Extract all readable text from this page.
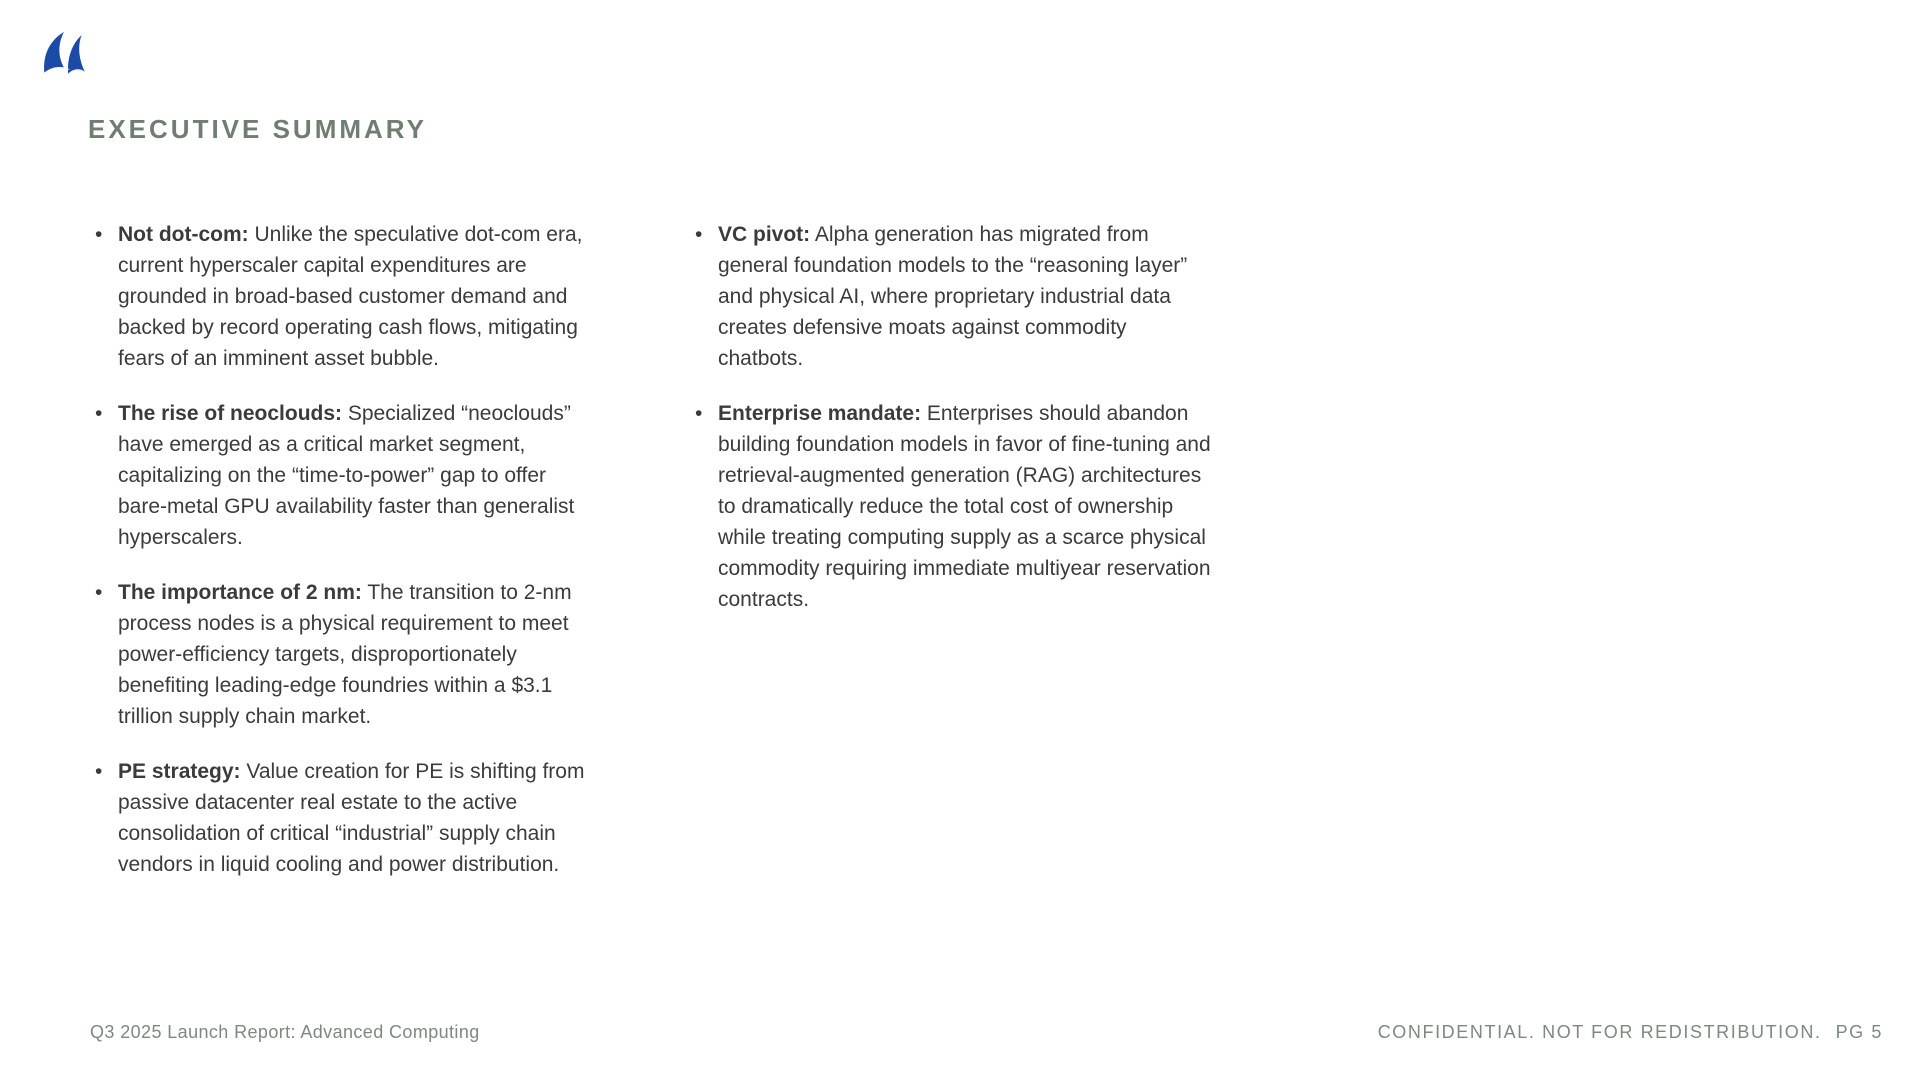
EXECUTIVE SUMMARY
• Not dot-com: Unlike the speculative dot-com era, current hyperscaler capital expenditures are grounded in broad-based customer demand and backed by record operating cash flows, mitigating fears of an imminent asset bubble.
• The rise of neoclouds: Specialized “neoclouds” have emerged as a critical market segment, capitalizing on the “time-to-power” gap to offer bare-metal GPU availability faster than generalist hyperscalers.
• The importance of 2 nm: The transition to 2-nm process nodes is a physical requirement to meet power-efficiency targets, disproportionately benefiting leading-edge foundries within a $3.1 trillion supply chain market.
• PE strategy: Value creation for PE is shifting from passive datacenter real estate to the active consolidation of critical “industrial” supply chain vendors in liquid cooling and power distribution.
• VC pivot: Alpha generation has migrated from general foundation models to the “reasoning layer” and physical AI, where proprietary industrial data creates defensive moats against commodity chatbots.
• Enterprise mandate: Enterprises should abandon building foundation models in favor of fine-tuning and retrieval-augmented generation (RAG) architectures to dramatically reduce the total cost of ownership while treating computing supply as a scarce physical commodity requiring immediate multiyear reservation contracts.
Q3 2025 Launch Report: Advanced Computing	CONFIDENTIAL. NOT FOR REDISTRIBUTION. PG 5
